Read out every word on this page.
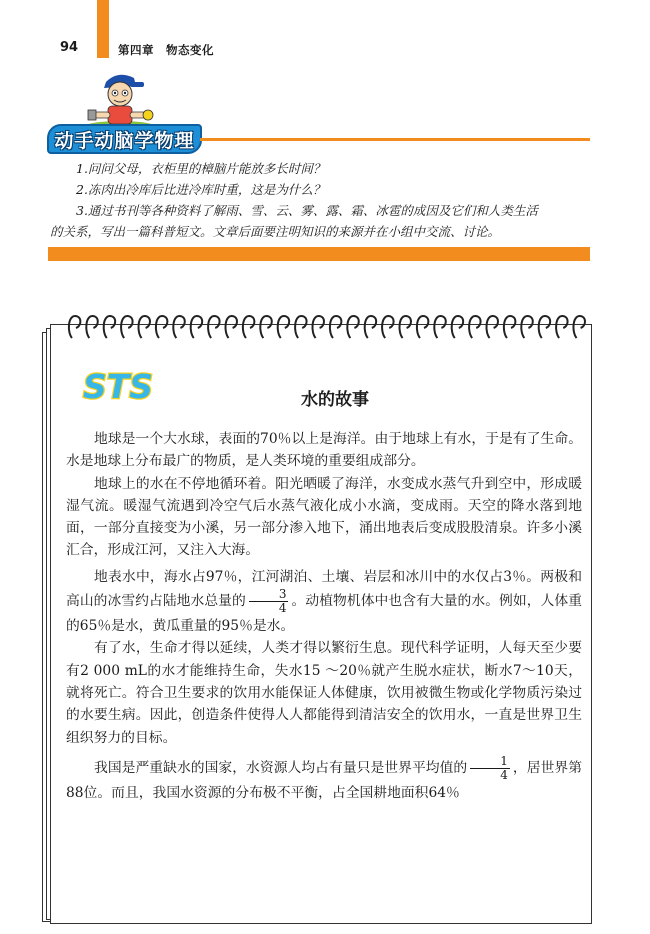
94	第四章　物态变化
动手动脑学物理

1.问问父母，衣柜里的樟脑片能放多长时间？

2.冻肉出冷库后比进冷库时重，这是为什么？

3.通过书刊等各种资料了解雨、雪、云、雾、露、霜、冰雹的成因及它们和人类生活

的关系，写出一篇科普短文。文章后面要注明知识的来源并在小组中交流、讨论。

STS	水的故事

地球是一个大水球，表面的70％以上是海洋。由于地球上有水，于是有了生命。水是地球上分布最广的物质，是人类环境的重要组成部分。

地球上的水在不停地循环着。阳光晒暖了海洋，水变成水蒸气升到空中，形成暖湿气流。暖湿气流遇到冷空气后水蒸气液化成小水滴，变成雨。天空的降水落到地面，一部分直接变为小溪，另一部分渗入地下，涌出地表后变成股股清泉。许多小溪汇合，形成江河，又注入大海。

地表水中，海水占97％，江河湖泊、土壤、岩层和冰川中的水仅占3％。两极和高山的冰雪约占陆地水总量的 $\frac{3}{4}$ 。动植物机体中也含有大量的水。例如，人体重的65％是水，黄瓜重量的95％是水。

有了水，生命才得以延续，人类才得以繁衍生息。现代科学证明，人每天至少要有2 000 mL的水才能维持生命，失水15 ～20％就产生脱水症状，断水7～10天，就将死亡。符合卫生要求的饮用水能保证人体健康，饮用被微生物或化学物质污染过的水要生病。因此，创造条件使得人人都能得到清洁安全的饮用水，一直是世界卫生组织努力的目标。

我国是严重缺水的国家，水资源人均占有量只是世界平均值的 $\frac{1}{4}$ ，居世界第88位。而且，我国水资源的分布极不平衡，占全国耕地面积64％
